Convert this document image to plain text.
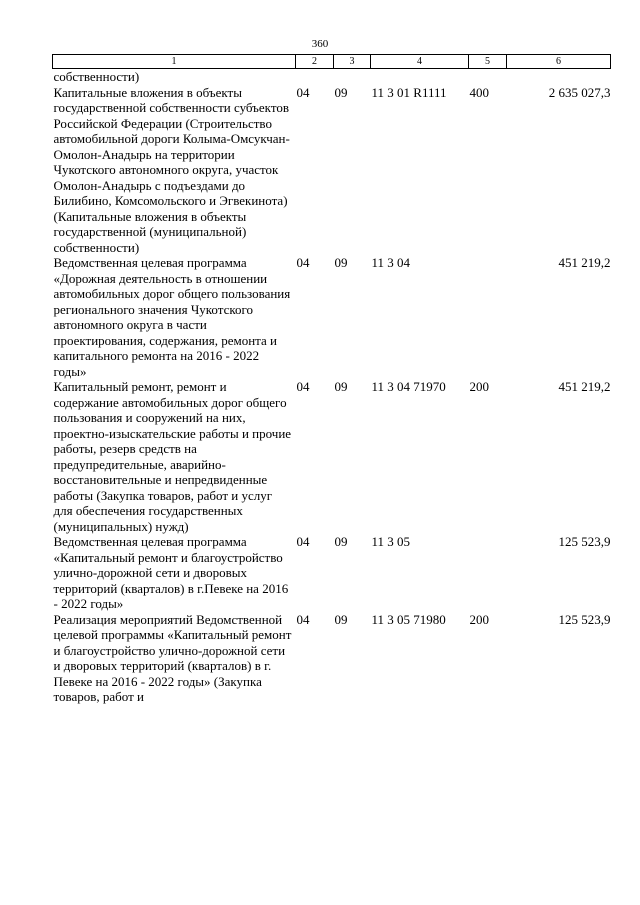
360
1	2	3	4	5	6
собственности)					
Капитальные вложения в объекты государственной собственности субъектов Российской Федерации (Строительство автомобильной дороги Колыма-Омсукчан-Омолон-Анадырь на территории Чукотского автономного округа, участок Омолон-Анадырь с подъездами до Билибино, Комсомольского и Эгвекинота) (Капитальные вложения в объекты государственной (муниципальной) собственности)	04	09	11 3 01 R1111	400	2 635 027,3
Ведомственная целевая программа «Дорожная деятельность в отношении автомобильных дорог общего пользования регионального значения Чукотского автономного округа в части проектирования, содержания, ремонта и капитального ремонта на 2016 - 2022 годы»	04	09	11 3 04		451 219,2
Капитальный ремонт, ремонт и содержание автомобильных дорог общего пользования и сооружений на них, проектно-изыскательские работы и прочие работы, резерв средств на предупредительные, аварийно-восстановительные и непредвиденные работы (Закупка товаров, работ и услуг для обеспечения государственных (муниципальных) нужд)	04	09	11 3 04 71970	200	451 219,2
Ведомственная целевая программа «Капитальный ремонт и благоустройство улично-дорожной сети и дворовых территорий (кварталов) в г.Певеке на 2016 - 2022 годы»	04	09	11 3 05		125 523,9
Реализация мероприятий Ведомственной целевой программы «Капитальный ремонт и благоустройство улично-дорожной сети и дворовых территорий (кварталов) в г. Певеке на 2016 - 2022 годы» (Закупка товаров, работ и	04	09	11 3 05 71980	200	125 523,9
